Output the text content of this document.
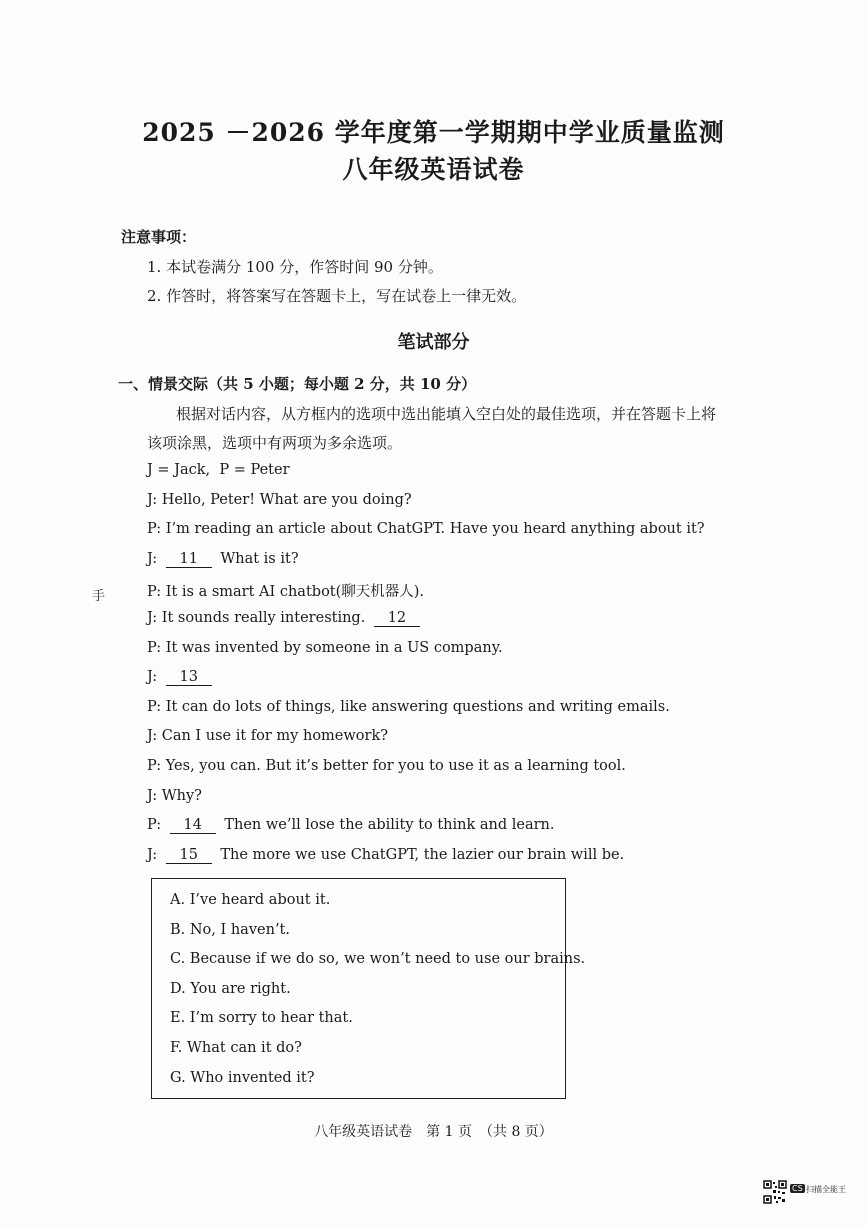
2025 －2026 学年度第一学期期中学业质量监测
八年级英语试卷
注意事项：
1. 本试卷满分 100 分，作答时间 90 分钟。
2. 作答时，将答案写在答题卡上，写在试卷上一律无效。
笔试部分
一、情景交际（共 5 小题；每小题 2 分，共 10 分）
根据对话内容，从方框内的选项中选出能填入空白处的最佳选项，并在答题卡上将
该项涂黑，选项中有两项为多余选项。
J = Jack,  P = Peter
J: Hello, Peter! What are you doing?
P: I’m reading an article about ChatGPT. Have you heard anything about it?
J: 11 What is it?
P: It is a smart AI chatbot(聊天机器人).
J: It sounds really interesting. 12
P: It was invented by someone in a US company.
J: 13
P: It can do lots of things, like answering questions and writing emails.
J: Can I use it for my homework?
P: Yes, you can. But it’s better for you to use it as a learning tool.
J: Why?
P: 14 Then we’ll lose the ability to think and learn.
J: 15 The more we use ChatGPT, the lazier our brain will be.
A. I’ve heard about it.
B. No, I haven’t.
C. Because if we do so, we won’t need to use our brains.
D. You are right.
E. I’m sorry to hear that.
F. What can it do?
G. Who invented it?
八年级英语试卷　第 1 页　（共 8 页）
手
CS 扫描全能王
